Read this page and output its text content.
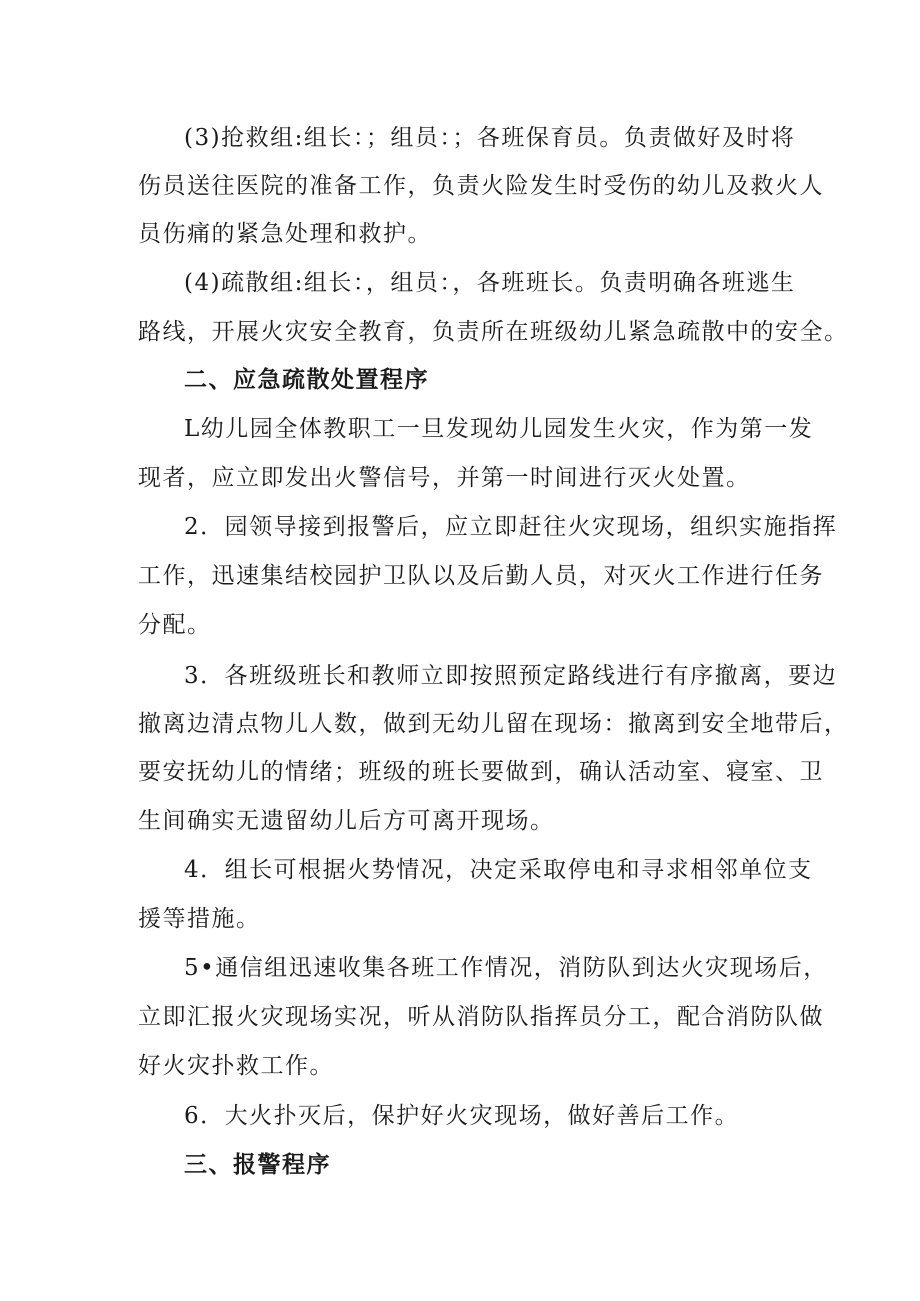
(3)抢救组:组长：；组员：；各班保育员。负责做好及时将
伤员送往医院的准备工作，负责火险发生时受伤的幼儿及救火人
员伤痛的紧急处理和救护。
(4)疏散组:组长：，组员：，各班班长。负责明确各班逃生
路线，开展火灾安全教育，负责所在班级幼儿紧急疏散中的安全。
二、应急疏散处置程序
L幼儿园全体教职工一旦发现幼儿园发生火灾，作为第一发
现者，应立即发出火警信号，并第一时间进行灭火处置。
2．园领导接到报警后，应立即赶往火灾现场，组织实施指挥
工作，迅速集结校园护卫队以及后勤人员，对灭火工作进行任务
分配。
3．各班级班长和教师立即按照预定路线进行有序撤离，要边
撤离边清点物儿人数，做到无幼儿留在现场：撤离到安全地带后，
要安抚幼儿的情绪；班级的班长要做到，确认活动室、寝室、卫
生间确实无遗留幼儿后方可离开现场。
4．组长可根据火势情况，决定采取停电和寻求相邻单位支
援等措施。
5•通信组迅速收集各班工作情况，消防队到达火灾现场后，
立即汇报火灾现场实况，听从消防队指挥员分工，配合消防队做
好火灾扑救工作。
6．大火扑灭后，保护好火灾现场，做好善后工作。
三、报警程序
